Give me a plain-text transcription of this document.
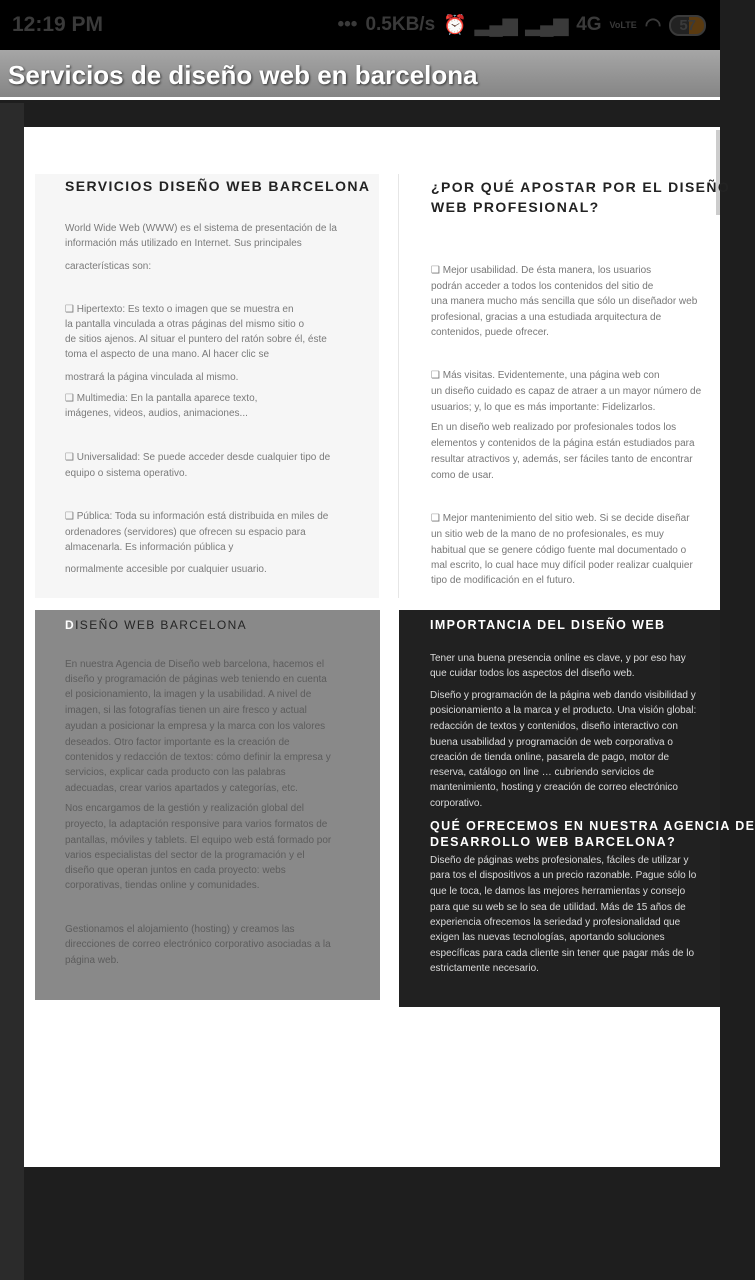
12:19 PM	••• 0.5KB/s ⏰ ▂▄▆ ▂▄▆ 4G VoLTE ◠	57
Servicios de diseño web en barcelona
SERVICIOS DISEÑO WEB BARCELONA
World Wide Web (WWW) es el sistema de presentación de la
información más utilizado en Internet. Sus principales
características son:
❑ Hipertexto: Es texto o imagen que se muestra en
la pantalla vinculada a otras páginas del mismo sitio o
de sitios ajenos. Al situar el puntero del ratón sobre él, éste
toma el aspecto de una mano. Al hacer clic se
mostrará la página vinculada al mismo.
❑ Multimedia: En la pantalla aparece texto,
imágenes, videos, audios, animaciones...
❑ Universalidad: Se puede acceder desde cualquier tipo de
equipo o sistema operativo.
❑ Pública: Toda su información está distribuida en miles de
ordenadores (servidores) que ofrecen su espacio para
almacenarla. Es información pública y
normalmente accesible por cualquier usuario.
¿POR QUÉ APOSTAR POR EL DISEÑO
WEB PROFESIONAL?
❑ Mejor usabilidad. De ésta manera, los usuarios
podrán acceder a todos los contenidos del sitio de
una manera mucho más sencilla que sólo un diseñador web
profesional, gracias a una estudiada arquitectura de
contenidos, puede ofrecer.
❑ Más visitas. Evidentemente, una página web con
un diseño cuidado es capaz de atraer a un mayor número de
usuarios; y, lo que es más importante: Fidelizarlos.
En un diseño web realizado por profesionales todos los
elementos y contenidos de la página están estudiados para
resultar atractivos y, además, ser fáciles tanto de encontrar
como de usar.
❑ Mejor mantenimiento del sitio web. Si se decide diseñar
un sitio web de la mano de no profesionales, es muy
habitual que se genere código fuente mal documentado o
mal escrito, lo cual hace muy difícil poder realizar cualquier
tipo de modificación en el futuro.
DISEÑO WEB BARCELONA
En nuestra Agencia de Diseño web barcelona, hacemos el
diseño y programación de páginas web teniendo en cuenta
el posicionamiento, la imagen y la usabilidad. A nivel de
imagen, si las fotografías tienen un aire fresco y actual
ayudan a posicionar la empresa y la marca con los valores
deseados. Otro factor importante es la creación de
contenidos y redacción de textos: cómo definir la empresa y
servicios, explicar cada producto con las palabras
adecuadas, crear varios apartados y categorías, etc.
Nos encargamos de la gestión y realización global del
proyecto, la adaptación responsive para varios formatos de
pantallas, móviles y tablets. El equipo web está formado por
varios especialistas del sector de la programación y el
diseño que operan juntos en cada proyecto: webs
corporativas, tiendas online y comunidades.
Gestionamos el alojamiento (hosting) y creamos las
direcciones de correo electrónico corporativo asociadas a la
página web.
IMPORTANCIA DEL DISEÑO WEB
QUÉ OFRECEMOS EN NUESTRA AGENCIA DE
DESARROLLO WEB BARCELONA?
Tener una buena presencia online es clave, y por eso hay
que cuidar todos los aspectos del diseño web.
Diseño y programación de la página web dando visibilidad y
posicionamiento a la marca y el producto. Una visión global:
redacción de textos y contenidos, diseño interactivo con
buena usabilidad y programación de web corporativa o
creación de tienda online, pasarela de pago, motor de
reserva, catálogo on line … cubriendo servicios de
mantenimiento, hosting y creación de correo electrónico
corporativo.
Diseño de páginas webs profesionales, fáciles de utilizar y
para tos el dispositivos a un precio razonable. Pague sólo lo
que le toca, le damos las mejores herramientas y consejo
para que su web se lo sea de utilidad. Más de 15 años de
experiencia ofrecemos la seriedad y profesionalidad que
exigen las nuevas tecnologías, aportando soluciones
específicas para cada cliente sin tener que pagar más de lo
estrictamente necesario.
